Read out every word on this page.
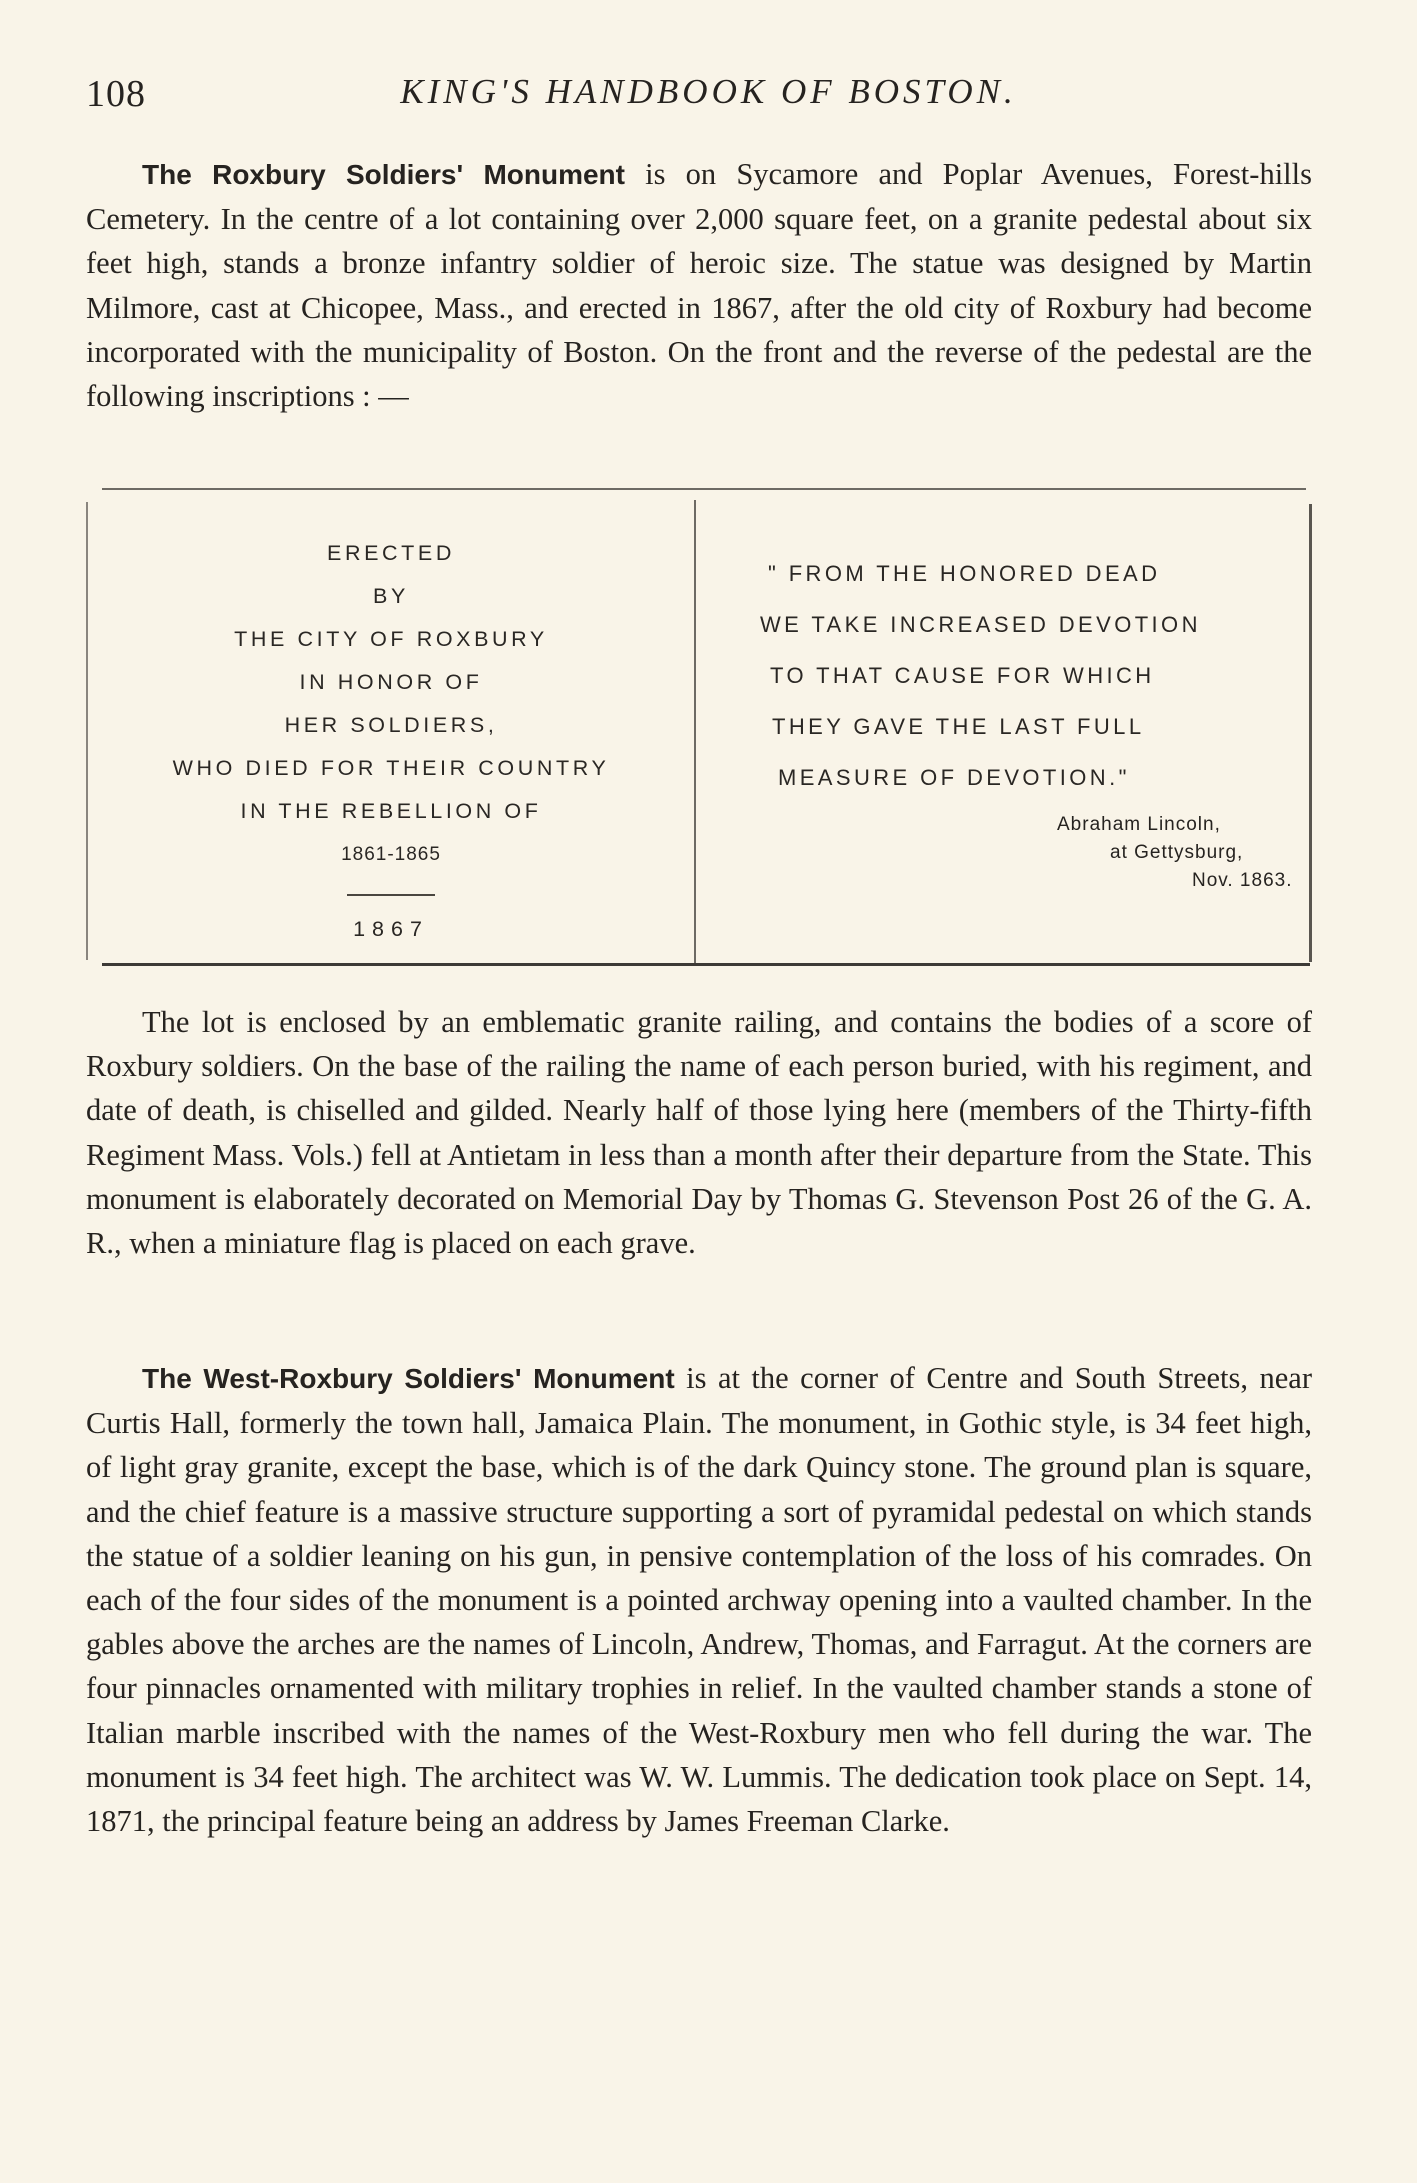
108	KING'S HANDBOOK OF BOSTON.

The Roxbury Soldiers' Monument is on Sycamore and Poplar Avenues, Forest-hills Cemetery. In the centre of a lot containing over 2,000 square feet, on a granite pedestal about six feet high, stands a bronze infantry soldier of heroic size. The statue was designed by Martin Milmore, cast at Chicopee, Mass., and erected in 1867, after the old city of Roxbury had become incorporated with the municipality of Boston. On the front and the reverse of the pedestal are the following inscriptions : —

ERECTED
BY
THE CITY OF ROXBURY
IN HONOR OF
HER SOLDIERS,
WHO DIED FOR THEIR COUNTRY
IN THE REBELLION OF
1861-1865
1867
" FROM THE HONORED DEAD
WE TAKE INCREASED DEVOTION
TO THAT CAUSE FOR WHICH
THEY GAVE THE LAST FULL
MEASURE OF DEVOTION."
Abraham Lincoln,
at Gettysburg,
Nov. 1863.

The lot is enclosed by an emblematic granite railing, and contains the bodies of a score of Roxbury soldiers. On the base of the railing the name of each person buried, with his regiment, and date of death, is chiselled and gilded. Nearly half of those lying here (members of the Thirty-fifth Regiment Mass. Vols.) fell at Antietam in less than a month after their departure from the State. This monument is elaborately decorated on Memorial Day by Thomas G. Stevenson Post 26 of the G. A. R., when a miniature flag is placed on each grave.

The West-Roxbury Soldiers' Monument is at the corner of Centre and South Streets, near Curtis Hall, formerly the town hall, Jamaica Plain. The monument, in Gothic style, is 34 feet high, of light gray granite, except the base, which is of the dark Quincy stone. The ground plan is square, and the chief feature is a massive structure supporting a sort of pyramidal pedestal on which stands the statue of a soldier leaning on his gun, in pensive contemplation of the loss of his comrades. On each of the four sides of the monument is a pointed archway opening into a vaulted chamber. In the gables above the arches are the names of Lincoln, Andrew, Thomas, and Farragut. At the corners are four pinnacles ornamented with military trophies in relief. In the vaulted chamber stands a stone of Italian marble inscribed with the names of the West-Roxbury men who fell during the war. The monument is 34 feet high. The architect was W. W. Lummis. The dedication took place on Sept. 14, 1871, the principal feature being an address by James Freeman Clarke.
